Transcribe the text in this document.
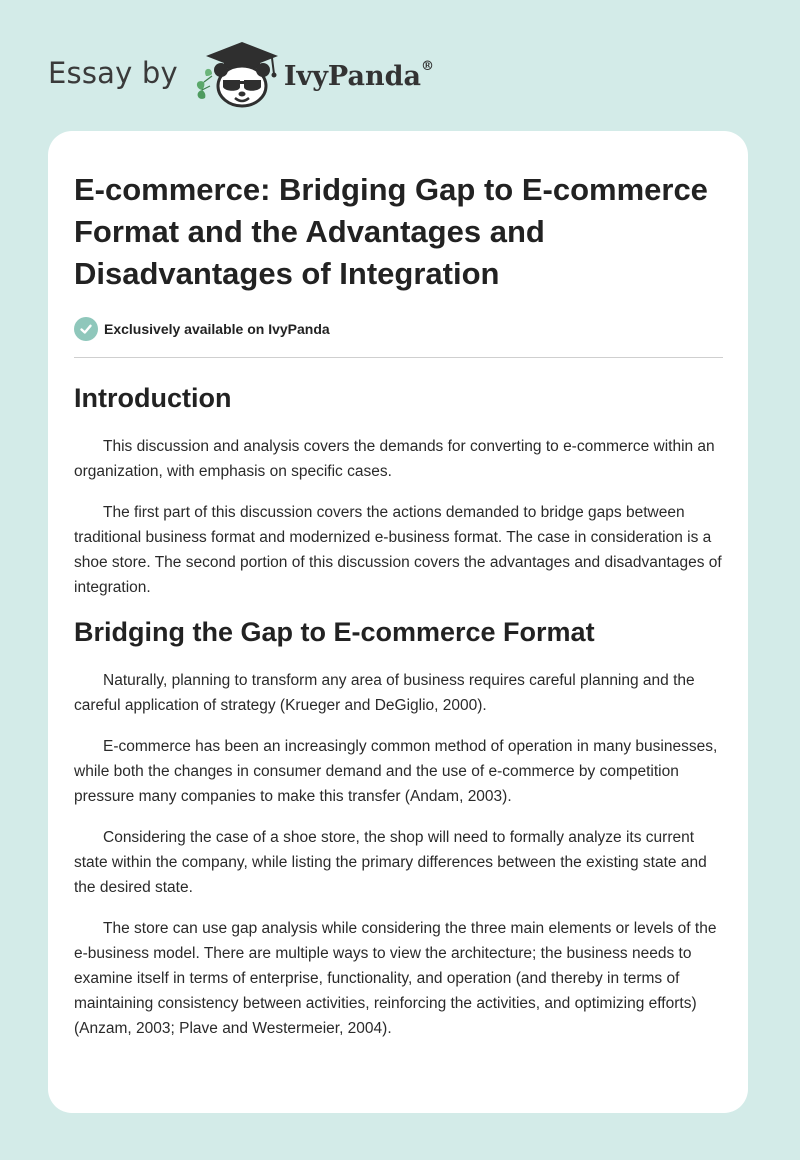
Essay by	IvyPanda®
E-commerce: Bridging Gap to E-commerce Format and the Advantages and Disadvantages of Integration
Exclusively available on IvyPanda
Introduction

This discussion and analysis covers the demands for converting to e-commerce within an organization, with emphasis on specific cases.

The first part of this discussion covers the actions demanded to bridge gaps between traditional business format and modernized e-business format. The case in consideration is a shoe store. The second portion of this discussion covers the advantages and disadvantages of integration.

Bridging the Gap to E-commerce Format

Naturally, planning to transform any area of business requires careful planning and the careful application of strategy (Krueger and DeGiglio, 2000).

E-commerce has been an increasingly common method of operation in many businesses, while both the changes in consumer demand and the use of e-commerce by competition pressure many companies to make this transfer (Andam, 2003).

Considering the case of a shoe store, the shop will need to formally analyze its current state within the company, while listing the primary differences between the existing state and the desired state.

The store can use gap analysis while considering the three main elements or levels of the e-business model. There are multiple ways to view the architecture; the business needs to examine itself in terms of enterprise, functionality, and operation (and thereby in terms of maintaining consistency between activities, reinforcing the activities, and optimizing efforts) (Anzam, 2003; Plave and Westermeier, 2004).
